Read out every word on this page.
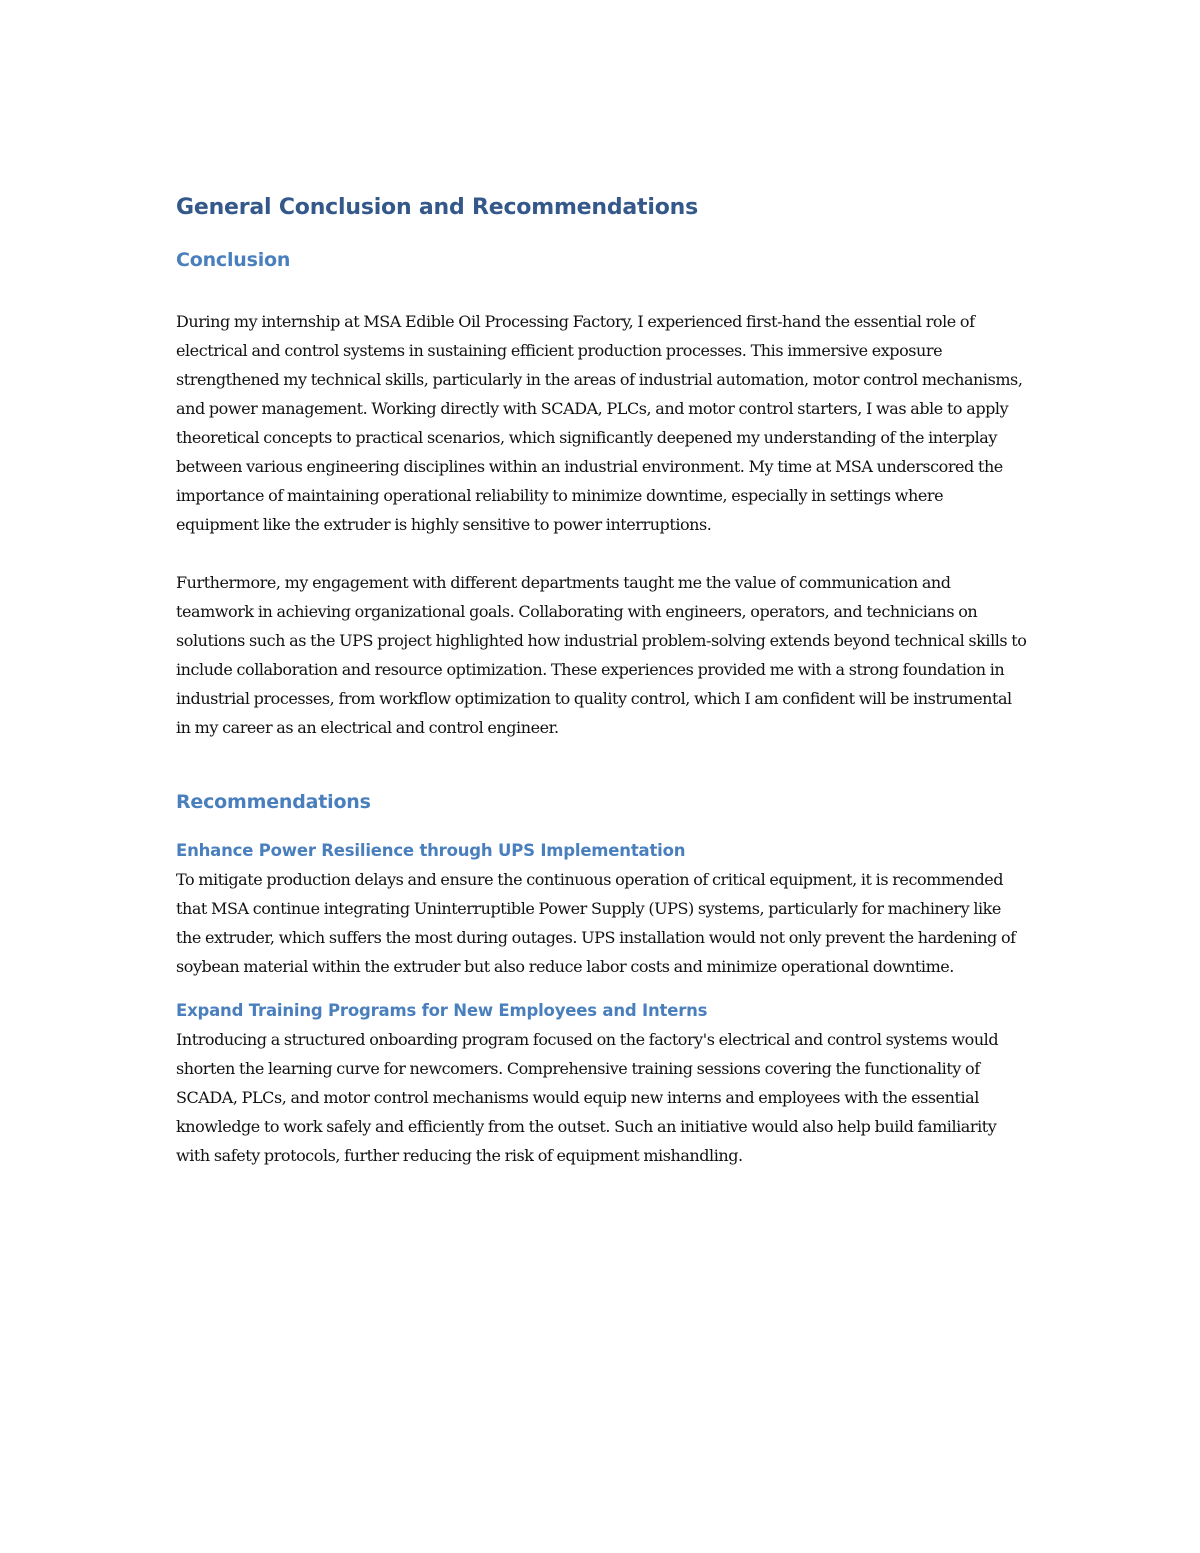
General Conclusion and Recommendations
Conclusion

During my internship at MSA Edible Oil Processing Factory, I experienced first-hand the essential role of electrical and control systems in sustaining efficient production processes. This immersive exposure strengthened my technical skills, particularly in the areas of industrial automation, motor control mechanisms, and power management. Working directly with SCADA, PLCs, and motor control starters, I was able to apply theoretical concepts to practical scenarios, which significantly deepened my understanding of the interplay between various engineering disciplines within an industrial environment. My time at MSA underscored the importance of maintaining operational reliability to minimize downtime, especially in settings where equipment like the extruder is highly sensitive to power interruptions.

Furthermore, my engagement with different departments taught me the value of communication and teamwork in achieving organizational goals. Collaborating with engineers, operators, and technicians on solutions such as the UPS project highlighted how industrial problem-solving extends beyond technical skills to include collaboration and resource optimization. These experiences provided me with a strong foundation in industrial processes, from workflow optimization to quality control, which I am confident will be instrumental in my career as an electrical and control engineer.

Recommendations
Enhance Power Resilience through UPS Implementation

To mitigate production delays and ensure the continuous operation of critical equipment, it is recommended that MSA continue integrating Uninterruptible Power Supply (UPS) systems, particularly for machinery like the extruder, which suffers the most during outages. UPS installation would not only prevent the hardening of soybean material within the extruder but also reduce labor costs and minimize operational downtime.

Expand Training Programs for New Employees and Interns

Introducing a structured onboarding program focused on the factory's electrical and control systems would shorten the learning curve for newcomers. Comprehensive training sessions covering the functionality of SCADA, PLCs, and motor control mechanisms would equip new interns and employees with the essential knowledge to work safely and efficiently from the outset. Such an initiative would also help build familiarity with safety protocols, further reducing the risk of equipment mishandling.
